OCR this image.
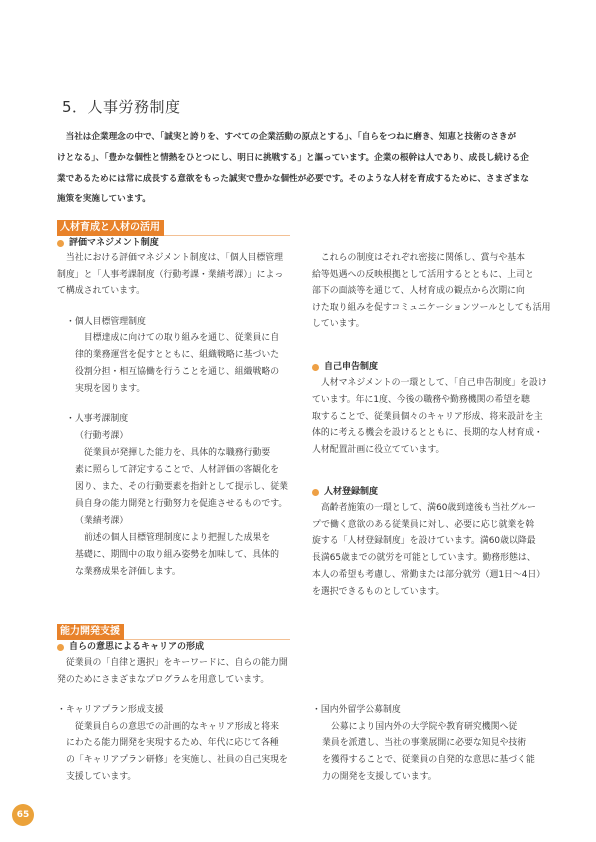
5．人事労務制度
当社は企業理念の中で、「誠実と誇りを、すべての企業活動の原点とする」、「自らをつねに磨き、知恵と技術のさきが
けとなる」、「豊かな個性と情熱をひとつにし、明日に挑戦する」と謳っています。企業の根幹は人であり、成長し続ける企
業であるためには常に成長する意欲をもった誠実で豊かな個性が必要です。そのような人材を育成するために、さまざまな
施策を実施しています。
人材育成と人材の活用
評価マネジメント制度
当社における評価マネジメント制度は、「個人目標管理
制度」と「人事考課制度（行動考課・業績考課）」によっ
て構成されています。
・個人目標管理制度
目標達成に向けての取り組みを通じ、従業員に自
律的業務運営を促すとともに、組織戦略に基づいた
役割分担・相互協働を行うことを通じ、組織戦略の
実現を図ります。
・人事考課制度
（行動考課）
従業員が発揮した能力を、具体的な職務行動要
素に照らして評定することで、人材評価の客観化を
図り、また、その行動要素を指針として提示し、従業
員自身の能力開発と行動努力を促進させるものです。
（業績考課）
前述の個人目標管理制度により把握した成果を
基礎に、期間中の取り組み姿勢を加味して、具体的
な業務成果を評価します。
これらの制度はそれぞれ密接に関係し、賞与や基本
給等処遇への反映根拠として活用するとともに、上司と
部下の面談等を通じて、人材育成の観点から次期に向
けた取り組みを促すコミュニケーションツールとしても活用
しています。
自己申告制度
人材マネジメントの一環として、「自己申告制度」を設け
ています。年に1度、今後の職務や勤務機関の希望を聴
取することで、従業員個々のキャリア形成、将来設計を主
体的に考える機会を設けるとともに、長期的な人材育成・
人材配置計画に役立てています。
人材登録制度
高齢者施策の一環として、満60歳到達後も当社グルー
プで働く意欲のある従業員に対し、必要に応じ就業を斡
旋する「人材登録制度」を設けています。満60歳以降最
長満65歳までの就労を可能としています。勤務形態は、
本人の希望も考慮し、常勤または部分就労（週1日～4日）
を選択できるものとしています。
能力開発支援
自らの意思によるキャリアの形成
従業員の「自律と選択」をキーワードに、自らの能力開
発のためにさまざまなプログラムを用意しています。
・キャリアプラン形成支援
従業員自らの意思での計画的なキャリア形成と将来
にわたる能力開発を実現するため、年代に応じて各種
の「キャリアプラン研修」を実施し、社員の自己実現を
支援しています。
・国内外留学公募制度
公募により国内外の大学院や教育研究機関へ従
業員を派遣し、当社の事業展開に必要な知見や技術
を獲得することで、従業員の自発的な意思に基づく能
力の開発を支援しています。
65
